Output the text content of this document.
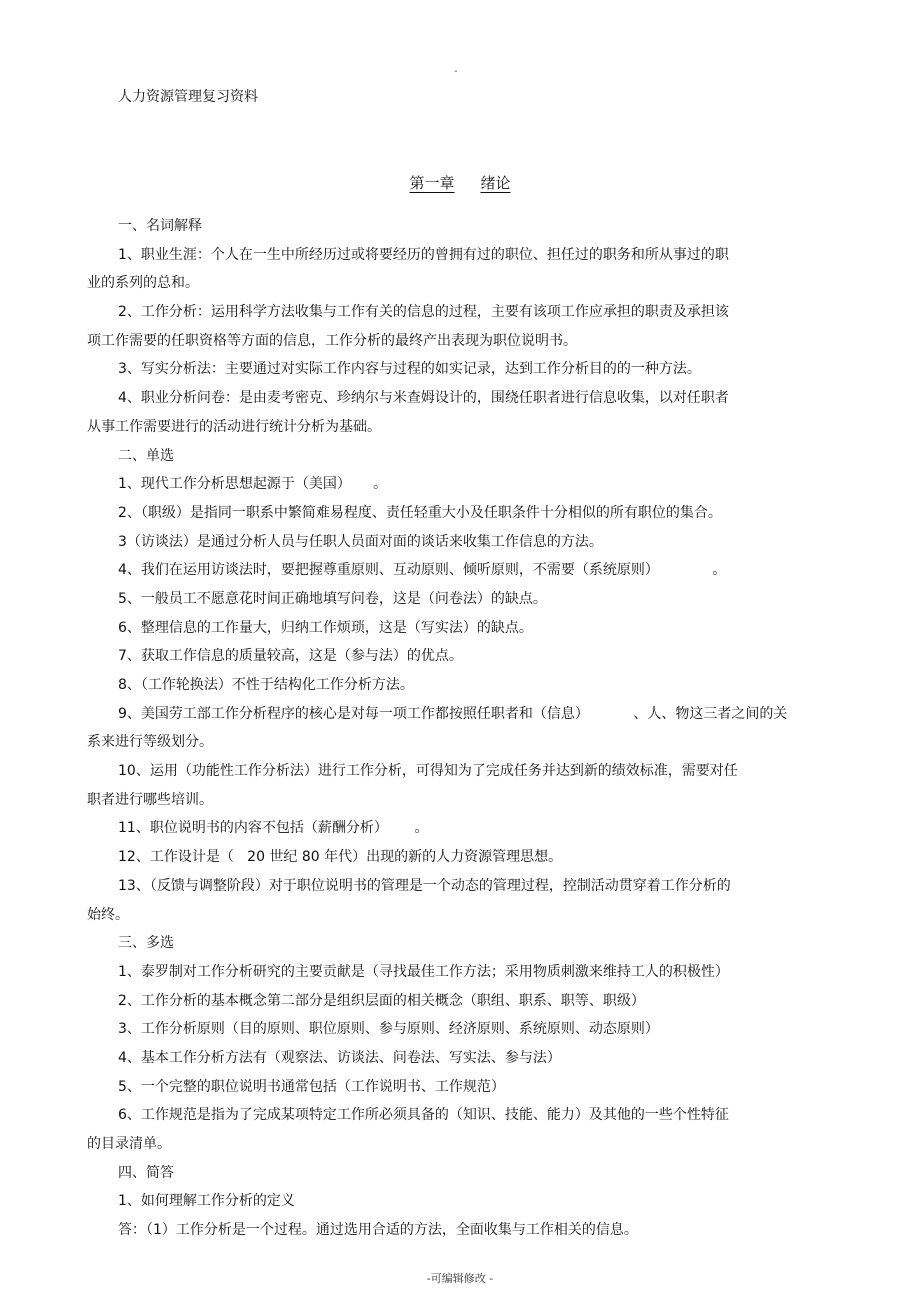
-
人力资源管理复习资料
第一章 绪论
一、名词解释
1、职业生涯：个人在一生中所经历过或将要经历的曾拥有过的职位、担任过的职务和所从事过的职
业的系列的总和。
2、工作分析：运用科学方法收集与工作有关的信息的过程，主要有该项工作应承担的职责及承担该
项工作需要的任职资格等方面的信息，工作分析的最终产出表现为职位说明书。
3、写实分析法：主要通过对实际工作内容与过程的如实记录，达到工作分析目的的一种方法。
4、职业分析问卷：是由麦考密克、珍纳尔与米查姆设计的，围绕任职者进行信息收集，以对任职者
从事工作需要进行的活动进行统计分析为基础。
二、单选
1、现代工作分析思想起源于（美国）     。
2、（职级）是指同一职系中繁简难易程度、责任轻重大小及任职条件十分相似的所有职位的集合。
3（访谈法）是通过分析人员与任职人员面对面的谈话来收集工作信息的方法。
4、我们在运用访谈法时，要把握尊重原则、互动原则、倾听原则，不需要（系统原则）            。
5、一般员工不愿意花时间正确地填写问卷，这是（问卷法）的缺点。
6、整理信息的工作量大，归纳工作烦琐，这是（写实法）的缺点。
7、获取工作信息的质量较高，这是（参与法）的优点。
8、（工作轮换法）不性于结构化工作分析方法。
9、美国劳工部工作分析程序的核心是对每一项工作都按照任职者和（信息）          、人、物这三者之间的关
系来进行等级划分。
10、运用（功能性工作分析法）进行工作分析，可得知为了完成任务并达到新的绩效标准，需要对任
职者进行哪些培训。
11、职位说明书的内容不包括（薪酬分析）      。
12、工作设计是（   20 世纪 80 年代）出现的新的人力资源管理思想。
13、（反馈与调整阶段）对于职位说明书的管理是一个动态的管理过程，控制活动贯穿着工作分析的
始终。
三、多选
1、泰罗制对工作分析研究的主要贡献是（寻找最佳工作方法；采用物质刺激来维持工人的积极性）
2、工作分析的基本概念第二部分是组织层面的相关概念（职组、职系、职等、职级）
3、工作分析原则（目的原则、职位原则、参与原则、经济原则、系统原则、动态原则）
4、基本工作分析方法有（观察法、访谈法、问卷法、写实法、参与法）
5、一个完整的职位说明书通常包括（工作说明书、工作规范）
6、工作规范是指为了完成某项特定工作所必须具备的（知识、技能、能力）及其他的一些个性特征
的目录清单。
四、简答
1、如何理解工作分析的定义
答：（1）工作分析是一个过程。通过选用合适的方法，全面收集与工作相关的信息。
-可编辑修改 -
